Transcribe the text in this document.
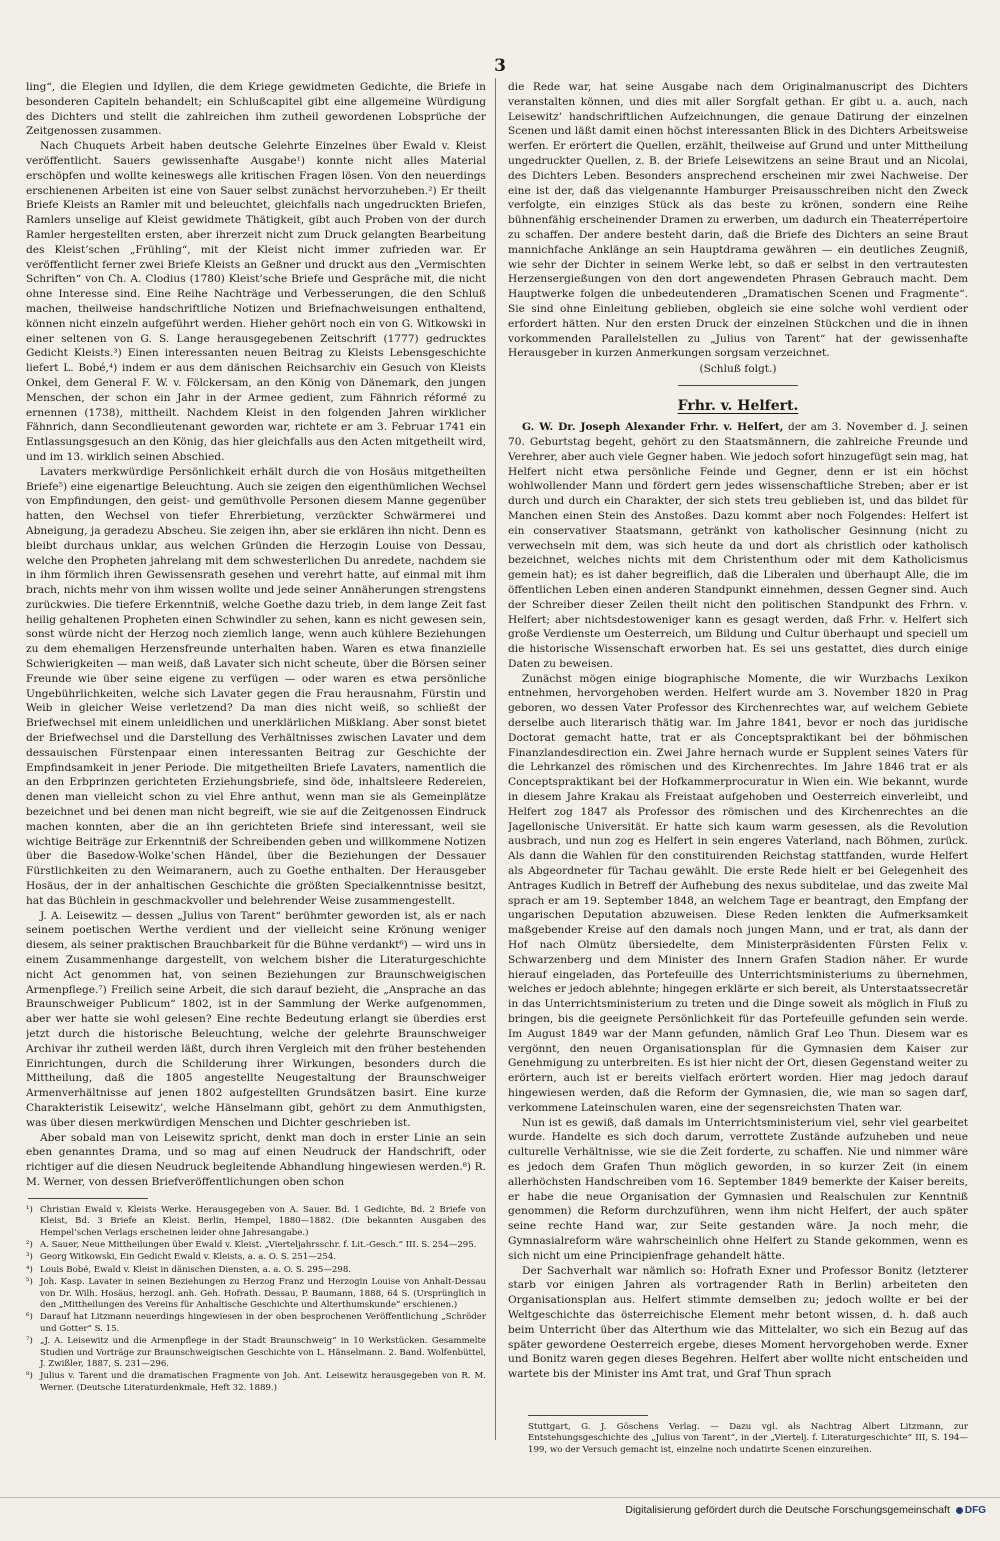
3

ling“, die Elegien und Idyllen, die dem Kriege gewidmeten Gedichte, die Briefe in besonderen Capiteln behandelt; ein Schlußcapitel gibt eine allgemeine Würdigung des Dichters und stellt die zahlreichen ihm zutheil gewordenen Lobsprüche der Zeitgenossen zusammen.

Nach Chuquets Arbeit haben deutsche Gelehrte Einzelnes über Ewald v. Kleist veröffentlicht. Sauers gewissenhafte Ausgabe¹) konnte nicht alles Material erschöpfen und wollte keineswegs alle kritischen Fragen lösen. Von den neuerdings erschienenen Arbeiten ist eine von Sauer selbst zunächst hervorzuheben.²) Er theilt Briefe Kleists an Ramler mit und beleuchtet, gleichfalls nach ungedruckten Briefen, Ramlers unselige auf Kleist gewidmete Thätigkeit, gibt auch Proben von der durch Ramler hergestellten ersten, aber ihrerzeit nicht zum Druck gelangten Bearbeitung des Kleist’schen „Frühling“, mit der Kleist nicht immer zufrieden war. Er veröffentlicht ferner zwei Briefe Kleists an Geßner und druckt aus den „Vermischten Schriften“ von Ch. A. Clodius (1780) Kleist’sche Briefe und Gespräche mit, die nicht ohne Interesse sind. Eine Reihe Nachträge und Verbesserungen, die den Schluß machen, theilweise handschriftliche Notizen und Briefnachweisungen enthaltend, können nicht einzeln aufgeführt werden. Hieher gehört noch ein von G. Witkowski in einer seltenen von G. S. Lange herausgegebenen Zeitschrift (1777) gedrucktes Gedicht Kleists.³) Einen interessanten neuen Beitrag zu Kleists Lebensgeschichte liefert L. Bobé,⁴) indem er aus dem dänischen Reichsarchiv ein Gesuch von Kleists Onkel, dem General F. W. v. Fölckersam, an den König von Dänemark, den jungen Menschen, der schon ein Jahr in der Armee gedient, zum Fähnrich réformé zu ernennen (1738), mittheilt. Nachdem Kleist in den folgenden Jahren wirklicher Fähnrich, dann Secondlieutenant geworden war, richtete er am 3. Februar 1741 ein Entlassungsgesuch an den König, das hier gleichfalls aus den Acten mitgetheilt wird, und im 13. wirklich seinen Abschied.

Lavaters merkwürdige Persönlichkeit erhält durch die von Hosäus mitgetheilten Briefe⁵) eine eigenartige Beleuchtung. Auch sie zeigen den eigenthümlichen Wechsel von Empfindungen, den geist- und gemüthvolle Personen diesem Manne gegenüber hatten, den Wechsel von tiefer Ehrerbietung, verzückter Schwärmerei und Abneigung, ja geradezu Abscheu. Sie zeigen ihn, aber sie erklären ihn nicht. Denn es bleibt durchaus unklar, aus welchen Gründen die Herzogin Louise von Dessau, welche den Propheten jahrelang mit dem schwesterlichen Du anredete, nachdem sie in ihm förmlich ihren Gewissensrath gesehen und verehrt hatte, auf einmal mit ihm brach, nichts mehr von ihm wissen wollte und jede seiner Annäherungen strengstens zurückwies. Die tiefere Erkenntniß, welche Goethe dazu trieb, in dem lange Zeit fast heilig gehaltenen Propheten einen Schwindler zu sehen, kann es nicht gewesen sein, sonst würde nicht der Herzog noch ziemlich lange, wenn auch kühlere Beziehungen zu dem ehemaligen Herzensfreunde unterhalten haben. Waren es etwa finanzielle Schwierigkeiten — man weiß, daß Lavater sich nicht scheute, über die Börsen seiner Freunde wie über seine eigene zu verfügen — oder waren es etwa persönliche Ungebührlichkeiten, welche sich Lavater gegen die Frau herausnahm, Fürstin und Weib in gleicher Weise verletzend? Da man dies nicht weiß, so schließt der Briefwechsel mit einem unleidlichen und unerklärlichen Mißklang. Aber sonst bietet der Briefwechsel und die Darstellung des Verhältnisses zwischen Lavater und dem dessauischen Fürstenpaar einen interessanten Beitrag zur Geschichte der Empfindsamkeit in jener Periode. Die mitgetheilten Briefe Lavaters, namentlich die an den Erbprinzen gerichteten Erziehungsbriefe, sind öde, inhaltsleere Redereien, denen man vielleicht schon zu viel Ehre anthut, wenn man sie als Gemeinplätze bezeichnet und bei denen man nicht begreift, wie sie auf die Zeitgenossen Eindruck machen konnten, aber die an ihn gerichteten Briefe sind interessant, weil sie wichtige Beiträge zur Erkenntniß der Schreibenden geben und willkommene Notizen über die Basedow-Wolke’schen Händel, über die Beziehungen der Dessauer Fürstlichkeiten zu den Weimaranern, auch zu Goethe enthalten. Der Herausgeber Hosäus, der in der anhaltischen Geschichte die größten Specialkenntnisse besitzt, hat das Büchlein in geschmackvoller und belehrender Weise zusammengestellt.

J. A. Leisewitz — dessen „Julius von Tarent“ berühmter geworden ist, als er nach seinem poetischen Werthe verdient und der vielleicht seine Krönung weniger diesem, als seiner praktischen Brauchbarkeit für die Bühne verdankt⁶) — wird uns in einem Zusammenhange dargestellt, von welchem bisher die Literaturgeschichte nicht Act genommen hat, von seinen Beziehungen zur Braunschweigischen Armenpflege.⁷) Freilich seine Arbeit, die sich darauf bezieht, die „Ansprache an das Braunschweiger Publicum“ 1802, ist in der Sammlung der Werke aufgenommen, aber wer hatte sie wohl gelesen? Eine rechte Bedeutung erlangt sie überdies erst jetzt durch die historische Beleuchtung, welche der gelehrte Braunschweiger Archivar ihr zutheil werden läßt, durch ihren Vergleich mit den früher bestehenden Einrichtungen, durch die Schilderung ihrer Wirkungen, besonders durch die Mittheilung, daß die 1805 angestellte Neugestaltung der Braunschweiger Armenverhältnisse auf jenen 1802 aufgestellten Grundsätzen basirt. Eine kurze Charakteristik Leisewitz’, welche Hänselmann gibt, gehört zu dem Anmuthigsten, was über diesen merkwürdigen Menschen und Dichter geschrieben ist.

Aber sobald man von Leisewitz spricht, denkt man doch in erster Linie an sein eben genanntes Drama, und so mag auf einen Neudruck der Handschrift, oder richtiger auf die diesen Neudruck begleitende Abhandlung hingewiesen werden.⁸) R. M. Werner, von dessen Briefveröffentlichungen oben schon

¹) Christian Ewald v. Kleists Werke. Herausgegeben von A. Sauer. Bd. 1 Gedichte, Bd. 2 Briefe von Kleist, Bd. 3 Briefe an Kleist. Berlin, Hempel, 1880—1882. (Die bekannten Ausgaben des Hempel’schen Verlags erscheinen leider ohne Jahresangabe.)

²) A. Sauer, Neue Mittheilungen über Ewald v. Kleist. „Vierteljahrsschr. f. Lit.-Gesch.“ III. S. 254—295.

³) Georg Witkowski, Ein Gedicht Ewald v. Kleists, a. a. O. S. 251—254.

⁴) Louis Bobé, Ewald v. Kleist in dänischen Diensten, a. a. O. S. 295—298.

⁵) Joh. Kasp. Lavater in seinen Beziehungen zu Herzog Franz und Herzogin Louise von Anhalt-Dessau von Dr. Wilh. Hosäus, herzogl. anh. Geh. Hofrath. Dessau, P. Baumann, 1888, 64 S. (Ursprünglich in den „Mittheilungen des Vereins für Anhaltische Geschichte und Alterthumskunde“ erschienen.)

⁶) Darauf hat Litzmann neuerdings hingewiesen in der oben besprochenen Veröffentlichung „Schröder und Gotter“ S. 15.

⁷) „J. A. Leisewitz und die Armenpflege in der Stadt Braunschweig“ in 10 Werkstücken. Gesammelte Studien und Vorträge zur Braunschweigischen Geschichte von L. Hänselmann. 2. Band. Wolfenbüttel, J. Zwißler, 1887, S. 231—296.

⁸) Julius v. Tarent und die dramatischen Fragmente von Joh. Ant. Leisewitz herausgegeben von R. M. Werner. (Deutsche Literaturdenkmale, Heft 32. 1889.)

die Rede war, hat seine Ausgabe nach dem Originalmanuscript des Dichters veranstalten können, und dies mit aller Sorgfalt gethan. Er gibt u. a. auch, nach Leisewitz’ handschriftlichen Aufzeichnungen, die genaue Datirung der einzelnen Scenen und läßt damit einen höchst interessanten Blick in des Dichters Arbeitsweise werfen. Er erörtert die Quellen, erzählt, theilweise auf Grund und unter Mittheilung ungedruckter Quellen, z. B. der Briefe Leisewitzens an seine Braut und an Nicolai, des Dichters Leben. Besonders ansprechend erscheinen mir zwei Nachweise. Der eine ist der, daß das vielgenannte Hamburger Preisausschreiben nicht den Zweck verfolgte, ein einziges Stück als das beste zu krönen, sondern eine Reihe bühnenfähig erscheinender Dramen zu erwerben, um dadurch ein Theaterrépertoire zu schaffen. Der andere besteht darin, daß die Briefe des Dichters an seine Braut mannichfache Anklänge an sein Hauptdrama gewähren — ein deutliches Zeugniß, wie sehr der Dichter in seinem Werke lebt, so daß er selbst in den vertrautesten Herzensergießungen von den dort angewendeten Phrasen Gebrauch macht. Dem Hauptwerke folgen die unbedeutenderen „Dramatischen Scenen und Fragmente“. Sie sind ohne Einleitung geblieben, obgleich sie eine solche wohl verdient oder erfordert hätten. Nur den ersten Druck der einzelnen Stückchen und die in ihnen vorkommenden Parallelstellen zu „Julius von Tarent“ hat der gewissenhafte Herausgeber in kurzen Anmerkungen sorgsam verzeichnet.

(Schluß folgt.)
Frhr. v. Helfert.

G. W. Dr. Joseph Alexander Frhr. v. Helfert, der am 3. November d. J. seinen 70. Geburtstag begeht, gehört zu den Staatsmännern, die zahlreiche Freunde und Verehrer, aber auch viele Gegner haben. Wie jedoch sofort hinzugefügt sein mag, hat Helfert nicht etwa persönliche Feinde und Gegner, denn er ist ein höchst wohlwollender Mann und fördert gern jedes wissenschaftliche Streben; aber er ist durch und durch ein Charakter, der sich stets treu geblieben ist, und das bildet für Manchen einen Stein des Anstoßes. Dazu kommt aber noch Folgendes: Helfert ist ein conservativer Staatsmann, getränkt von katholischer Gesinnung (nicht zu verwechseln mit dem, was sich heute da und dort als christlich oder katholisch bezeichnet, welches nichts mit dem Christenthum oder mit dem Katholicismus gemein hat); es ist daher begreiflich, daß die Liberalen und überhaupt Alle, die im öffentlichen Leben einen anderen Standpunkt einnehmen, dessen Gegner sind. Auch der Schreiber dieser Zeilen theilt nicht den politischen Standpunkt des Frhrn. v. Helfert; aber nichtsdestoweniger kann es gesagt werden, daß Frhr. v. Helfert sich große Verdienste um Oesterreich, um Bildung und Cultur überhaupt und speciell um die historische Wissenschaft erworben hat. Es sei uns gestattet, dies durch einige Daten zu beweisen.

Zunächst mögen einige biographische Momente, die wir Wurzbachs Lexikon entnehmen, hervorgehoben werden. Helfert wurde am 3. November 1820 in Prag geboren, wo dessen Vater Professor des Kirchenrechtes war, auf welchem Gebiete derselbe auch literarisch thätig war. Im Jahre 1841, bevor er noch das juridische Doctorat gemacht hatte, trat er als Conceptspraktikant bei der böhmischen Finanzlandesdirection ein. Zwei Jahre hernach wurde er Supplent seines Vaters für die Lehrkanzel des römischen und des Kirchenrechtes. Im Jahre 1846 trat er als Conceptspraktikant bei der Hofkammerprocuratur in Wien ein. Wie bekannt, wurde in diesem Jahre Krakau als Freistaat aufgehoben und Oesterreich einverleibt, und Helfert zog 1847 als Professor des römischen und des Kirchenrechtes an die Jagellonische Universität. Er hatte sich kaum warm gesessen, als die Revolution ausbrach, und nun zog es Helfert in sein engeres Vaterland, nach Böhmen, zurück. Als dann die Wahlen für den constituirenden Reichstag stattfanden, wurde Helfert als Abgeordneter für Tachau gewählt. Die erste Rede hielt er bei Gelegenheit des Antrages Kudlich in Betreff der Aufhebung des nexus subditelae, und das zweite Mal sprach er am 19. September 1848, an welchem Tage er beantragt, den Empfang der ungarischen Deputation abzuweisen. Diese Reden lenkten die Aufmerksamkeit maßgebender Kreise auf den damals noch jungen Mann, und er trat, als dann der Hof nach Olmütz übersiedelte, dem Ministerpräsidenten Fürsten Felix v. Schwarzenberg und dem Minister des Innern Grafen Stadion näher. Er wurde hierauf eingeladen, das Portefeuille des Unterrichtsministeriums zu übernehmen, welches er jedoch ablehnte; hingegen erklärte er sich bereit, als Unterstaatssecretär in das Unterrichtsministerium zu treten und die Dinge soweit als möglich in Fluß zu bringen, bis die geeignete Persönlichkeit für das Portefeuille gefunden sein werde. Im August 1849 war der Mann gefunden, nämlich Graf Leo Thun. Diesem war es vergönnt, den neuen Organisationsplan für die Gymnasien dem Kaiser zur Genehmigung zu unterbreiten. Es ist hier nicht der Ort, diesen Gegenstand weiter zu erörtern, auch ist er bereits vielfach erörtert worden. Hier mag jedoch darauf hingewiesen werden, daß die Reform der Gymnasien, die, wie man so sagen darf, verkommene Lateinschulen waren, eine der segensreichsten Thaten war.

Nun ist es gewiß, daß damals im Unterrichtsministerium viel, sehr viel gearbeitet wurde. Handelte es sich doch darum, verrottete Zustände aufzuheben und neue culturelle Verhältnisse, wie sie die Zeit forderte, zu schaffen. Nie und nimmer wäre es jedoch dem Grafen Thun möglich geworden, in so kurzer Zeit (in einem allerhöchsten Handschreiben vom 16. September 1849 bemerkte der Kaiser bereits, er habe die neue Organisation der Gymnasien und Realschulen zur Kenntniß genommen) die Reform durchzuführen, wenn ihm nicht Helfert, der auch später seine rechte Hand war, zur Seite gestanden wäre. Ja noch mehr, die Gymnasialreform wäre wahrscheinlich ohne Helfert zu Stande gekommen, wenn es sich nicht um eine Principienfrage gehandelt hätte.

Der Sachverhalt war nämlich so: Hofrath Exner und Professor Bonitz (letzterer starb vor einigen Jahren als vortragender Rath in Berlin) arbeiteten den Organisationsplan aus. Helfert stimmte demselben zu; jedoch wollte er bei der Weltgeschichte das österreichische Element mehr betont wissen, d. h. daß auch beim Unterricht über das Alterthum wie das Mittelalter, wo sich ein Bezug auf das später gewordene Oesterreich ergebe, dieses Moment hervorgehoben werde. Exner und Bonitz waren gegen dieses Begehren. Helfert aber wollte nicht entscheiden und wartete bis der Minister ins Amt trat, und Graf Thun sprach

Stuttgart, G. J. Göschens Verlag. — Dazu vgl. als Nachtrag Albert Litzmann, zur Entstehungsgeschichte des „Julius von Tarent“, in der „Viertelj. f. Literaturgeschichte“ III, S. 194—199, wo der Versuch gemacht ist, einzelne noch undatirte Scenen einzureihen.

Digitalisierung gefördert durch die Deutsche Forschungsgemeinschaft DFG
